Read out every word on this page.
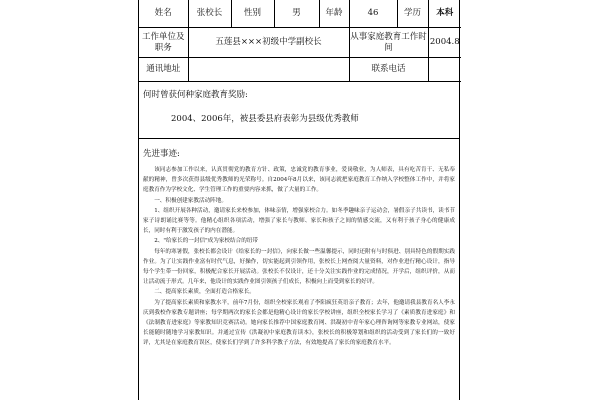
姓名	张校长	性别	男	年龄	46	学历	本科
工作单位及职务	五莲县×××初级中学副校长				从事家庭教育工作时间		2004.8
通讯地址					联系电话		
何时曾获何种家庭教育奖励:
2004、2006年，被县委县府表彰为县级优秀教师
先进事迹:

该同志参加工作以来，认真贯彻党的教育方针、政策，忠诚党的教育事业，爱岗敬业，为人师表，具有吃苦肯干、无私奉献的精神，曾多次获得县级优秀教师的光荣称号。自2004年8月以来，该同志就把家庭教育工作纳入学校整体工作中，并将家庭教育作为学校文化、学生管理工作的重要内容来抓，做了大量的工作。

一、积极创建家教活动阵地。

1、组织开展各种活动，邀请家长来校参加，体味亲情，增强家校合力。如冬季趣味亲子运动会，暑假亲子共读书，读书节家子诗朗诵比赛等等。他精心组织各项活动，增强了家长与教师、家长和孩子之间的情感交流，又有利于孩子身心的健康成长，同时有利于激发孩子的内在潜能。

2、"给家长的一封信"成为家校结合的纽带

每年的寒暑假，张校长都会设计《给家长的一封信》，向家长做一些温馨提示，同时还附有与时俱进、别具特色的假期实践作业。为了让实践作业富有时代气息，好操作，切实能起到引领作用，张校长上网查阅大量资料，对作业进行精心设计，指导每个学生带一份回家，积极配合家长开展活动。张校长不仅设计，还十分关注实践作业的完成情况，开学后，组织评价，从而让活动流于形式。几年来，他设计的实践作业图引领孩子们成长，积极向上而受到家长的好评。

二、提高家长素质，全面打造合格家长。

为了提高家长素质和家教水平，前年7月份，组织全校家长观看了李阳疯狂英语亲子教育；去年，他邀请我县教育名人李永庆到我校作家教专题讲座；每学期两次的家长会都是他精心设计的家长学校讲座，组织全校家长学习了《素质教育进家庭》和《法制教育进家庭》等家教知识竞赛活动。她向家长推荐中国家庭教育网、洪凝初中青年家心理咨询网等家教专业网站，使家长能随时随地学习家教知识。并通过宣传《洪凝初中家庭教育读本》，张校长的积极筹划和组织的活动受到了家长们的一致好评，尤其是在家庭教育误区，使家长们学到了许多科学教子方法，有效地提高了家长的家庭教育水平。
